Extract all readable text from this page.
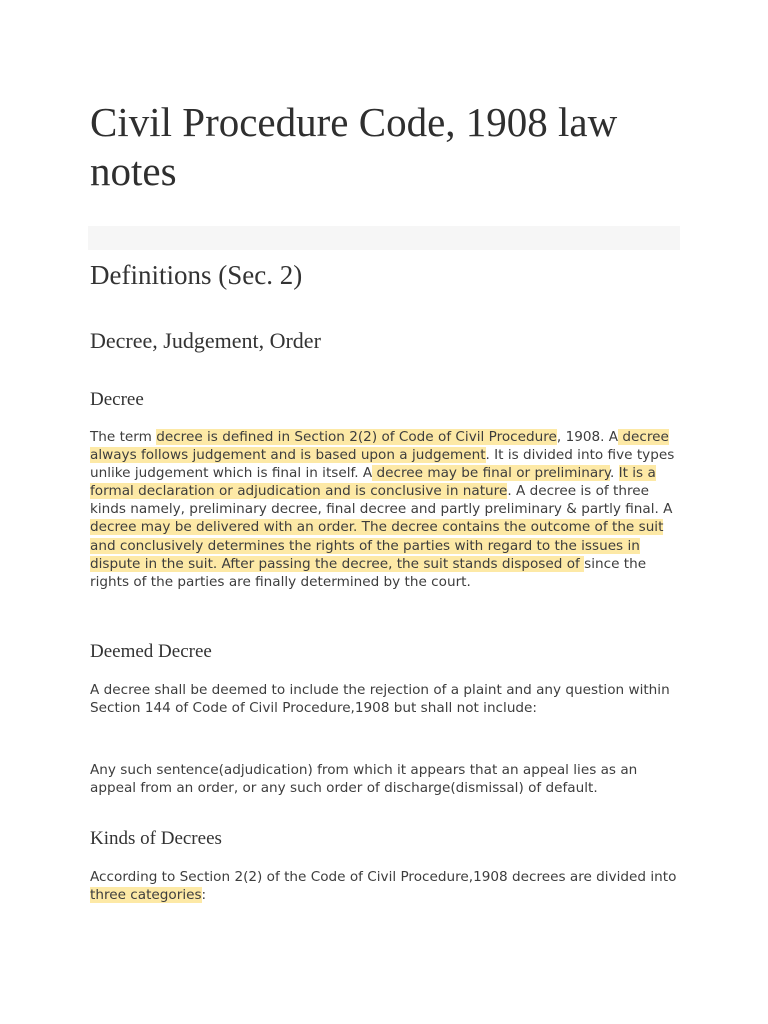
Civil Procedure Code, 1908 law notes
Definitions (Sec. 2)
Decree, Judgement, Order
Decree

The term decree is defined in Section 2(2) of Code of Civil Procedure, 1908. A decree always follows judgement and is based upon a judgement. It is divided into five types unlike judgement which is final in itself. A decree may be final or preliminary. It is a formal declaration or adjudication and is conclusive in nature. A decree is of three kinds namely, preliminary decree, final decree and partly preliminary & partly final. A decree may be delivered with an order. The decree contains the outcome of the suit and conclusively determines the rights of the parties with regard to the issues in dispute in the suit. After passing the decree, the suit stands disposed of since the rights of the parties are finally determined by the court.

Deemed Decree

A decree shall be deemed to include the rejection of a plaint and any question within Section 144 of Code of Civil Procedure,1908 but shall not include:

Any such sentence(adjudication) from which it appears that an appeal lies as an appeal from an order, or any such order of discharge(dismissal) of default.

Kinds of Decrees

According to Section 2(2) of the Code of Civil Procedure,1908 decrees are divided into three categories:
